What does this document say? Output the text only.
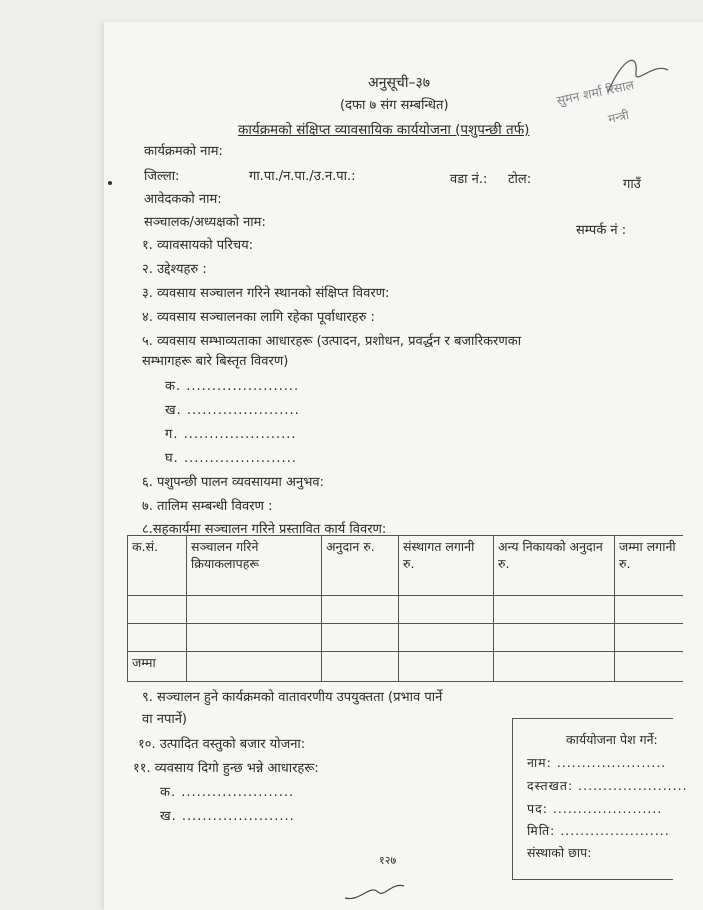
अनुसूची–३७
(दफा ७ संग सम्बन्धित)
कार्यक्रमको संक्षिप्त व्यावसायिक कार्ययोजना (पशुपन्छी तर्फ)
सुमन शर्मा रिसाल
मन्त्री
कार्यक्रमको नाम:
जिल्ला:	गा.पा./न.पा./उ.न.पा.:	वडा नं.: टोल:	गाउँ
आवेदकको नाम:
सञ्चालक/अध्यक्षको नाम:
सम्पर्क नं :
१. व्यावसायको परिचय:
२. उद्देश्यहरु :
३. व्यवसाय सञ्चालन गरिने स्थानको संक्षिप्त विवरण:
४. व्यवसाय सञ्चालनका लागि रहेका पूर्वाधारहरु :
५. व्यवसाय सम्भाव्यताका आधारहरू (उत्पादन, प्रशोधन, प्रवर्द्धन र बजारिकरणका
सम्भागहरू बारे बिस्तृत विवरण)
क. ......................
ख. ......................
ग. ......................
घ. ......................
६. पशुपन्छी पालन व्यवसायमा अनुभव:
७. तालिम सम्बन्धी विवरण :
८.सहकार्यमा सञ्चालन गरिने प्रस्तावित कार्य विवरण:
क.सं.	सञ्चालन गरिने क्रियाकलापहरू	अनुदान रु.	संस्थागत लगानी रु.	अन्य निकायको अनुदान रु.	जम्मा लगानी रु.

जम्मा					
९. सञ्चालन हुने कार्यक्रमको वातावरणीय उपयुक्तता (प्रभाव पार्ने
वा नपार्ने)
१०. उत्पादित वस्तुको बजार योजना:
११. व्यवसाय दिगो हुन्छ भन्ने आधारहरू:
क. ......................
ख. ......................
कार्ययोजना पेश गर्ने:
नाम: ......................
दस्तखत: ......................
पद: ......................
मिति: ......................
संस्थाको छाप:
१२७
